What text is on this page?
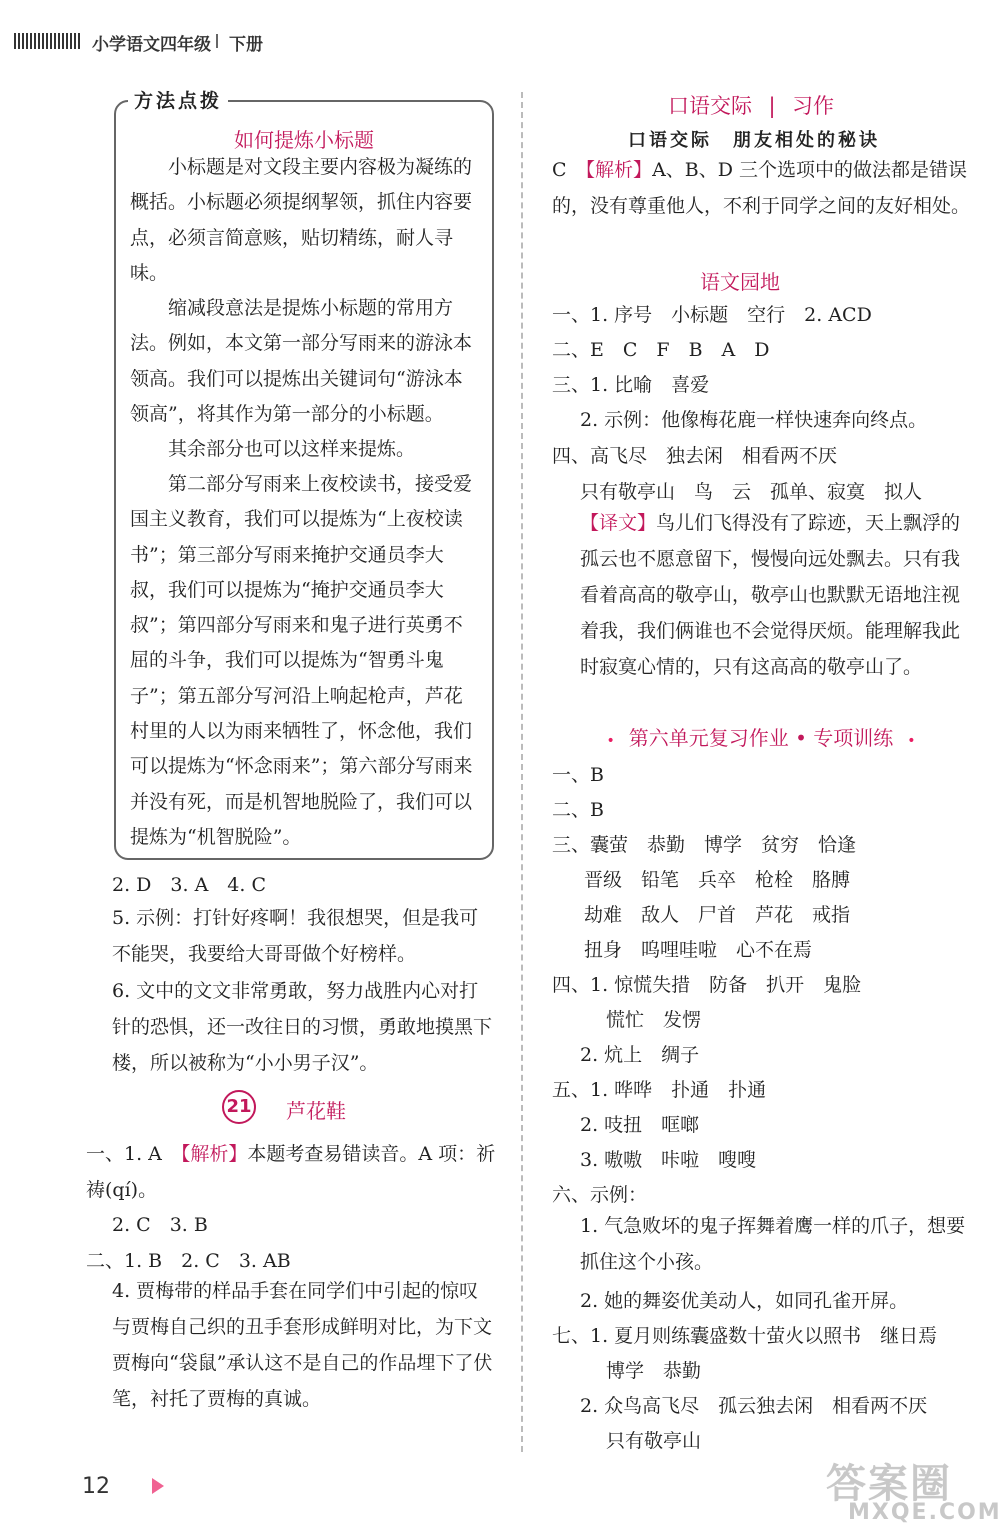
小学语文四年级 下册
方法点拨
如何提炼小标题
　　小标题是对文段主要内容极为凝练的概括。小标题必须提纲挈领，抓住内容要点，必须言简意赅，贴切精练，耐人寻味。
　　缩减段意法是提炼小标题的常用方法。例如，本文第一部分写雨来的游泳本领高。我们可以提炼出关键词句“游泳本领高”，将其作为第一部分的小标题。
　　其余部分也可以这样来提炼。
　　第二部分写雨来上夜校读书，接受爱国主义教育，我们可以提炼为“上夜校读书”；第三部分写雨来掩护交通员李大叔，我们可以提炼为“掩护交通员李大叔”；第四部分写雨来和鬼子进行英勇不屈的斗争，我们可以提炼为“智勇斗鬼子”；第五部分写河沿上响起枪声，芦花村里的人以为雨来牺牲了，怀念他，我们可以提炼为“怀念雨来”；第六部分写雨来并没有死，而是机智地脱险了，我们可以提炼为“机智脱险”。
2. D　3. A　4. C
5. 示例：打针好疼啊！我很想哭，但是我可不能哭，我要给大哥哥做个好榜样。
6. 文中的文文非常勇敢，努力战胜内心对打针的恐惧，还一改往日的习惯，勇敢地摸黑下楼，所以被称为“小小男子汉”。
21 芦花鞋
一、1. A　【解析】本题考查易错读音。A 项：祈祷(qí)。
2. C　3. B
二、1. B　2. C　3. AB
4. 贾梅带的样品手套在同学们中引起的惊叹与贾梅自己织的丑手套形成鲜明对比，为下文贾梅向“袋鼠”承认这不是自己的作品埋下了伏笔，衬托了贾梅的真诚。
口语交际 | 习作
口语交际　朋友相处的秘诀
C　【解析】A、B、D 三个选项中的做法都是错误的，没有尊重他人，不利于同学之间的友好相处。
语文园地
一、1. 序号　小标题　空行　2. ACD
二、E　C　F　B　A　D
三、1. 比喻　喜爱
2. 示例：他像梅花鹿一样快速奔向终点。
四、高飞尽　独去闲　相看两不厌
只有敬亭山　鸟　云　孤单、寂寞　拟人
【译文】鸟儿们飞得没有了踪迹，天上飘浮的孤云也不愿意留下，慢慢向远处飘去。只有我看着高高的敬亭山，敬亭山也默默无语地注视着我，我们俩谁也不会觉得厌烦。能理解我此时寂寞心情的，只有这高高的敬亭山了。
•　第六单元复习作业 • 专项训练　•
一、B
二、B
三、囊萤　恭勤　博学　贫穷　恰逢
晋级　铅笔　兵卒　枪栓　胳膊
劫难　敌人　尸首　芦花　戒指
扭身　呜哩哇啦　心不在焉
四、1. 惊慌失措　防备　扒开　鬼脸
慌忙　发愣
2. 炕上　绸子
五、1. 哗哗　扑通　扑通
2. 吱扭　哐啷
3. 嗷嗷　咔啦　嗖嗖
六、示例：
1. 气急败坏的鬼子挥舞着鹰一样的爪子，想要抓住这个小孩。
2. 她的舞姿优美动人，如同孔雀开屏。
七、1. 夏月则练囊盛数十萤火以照书　继日焉
博学　恭勤
2. 众鸟高飞尽　孤云独去闲　相看两不厌
只有敬亭山
12	答案圈
MXQE.COM
